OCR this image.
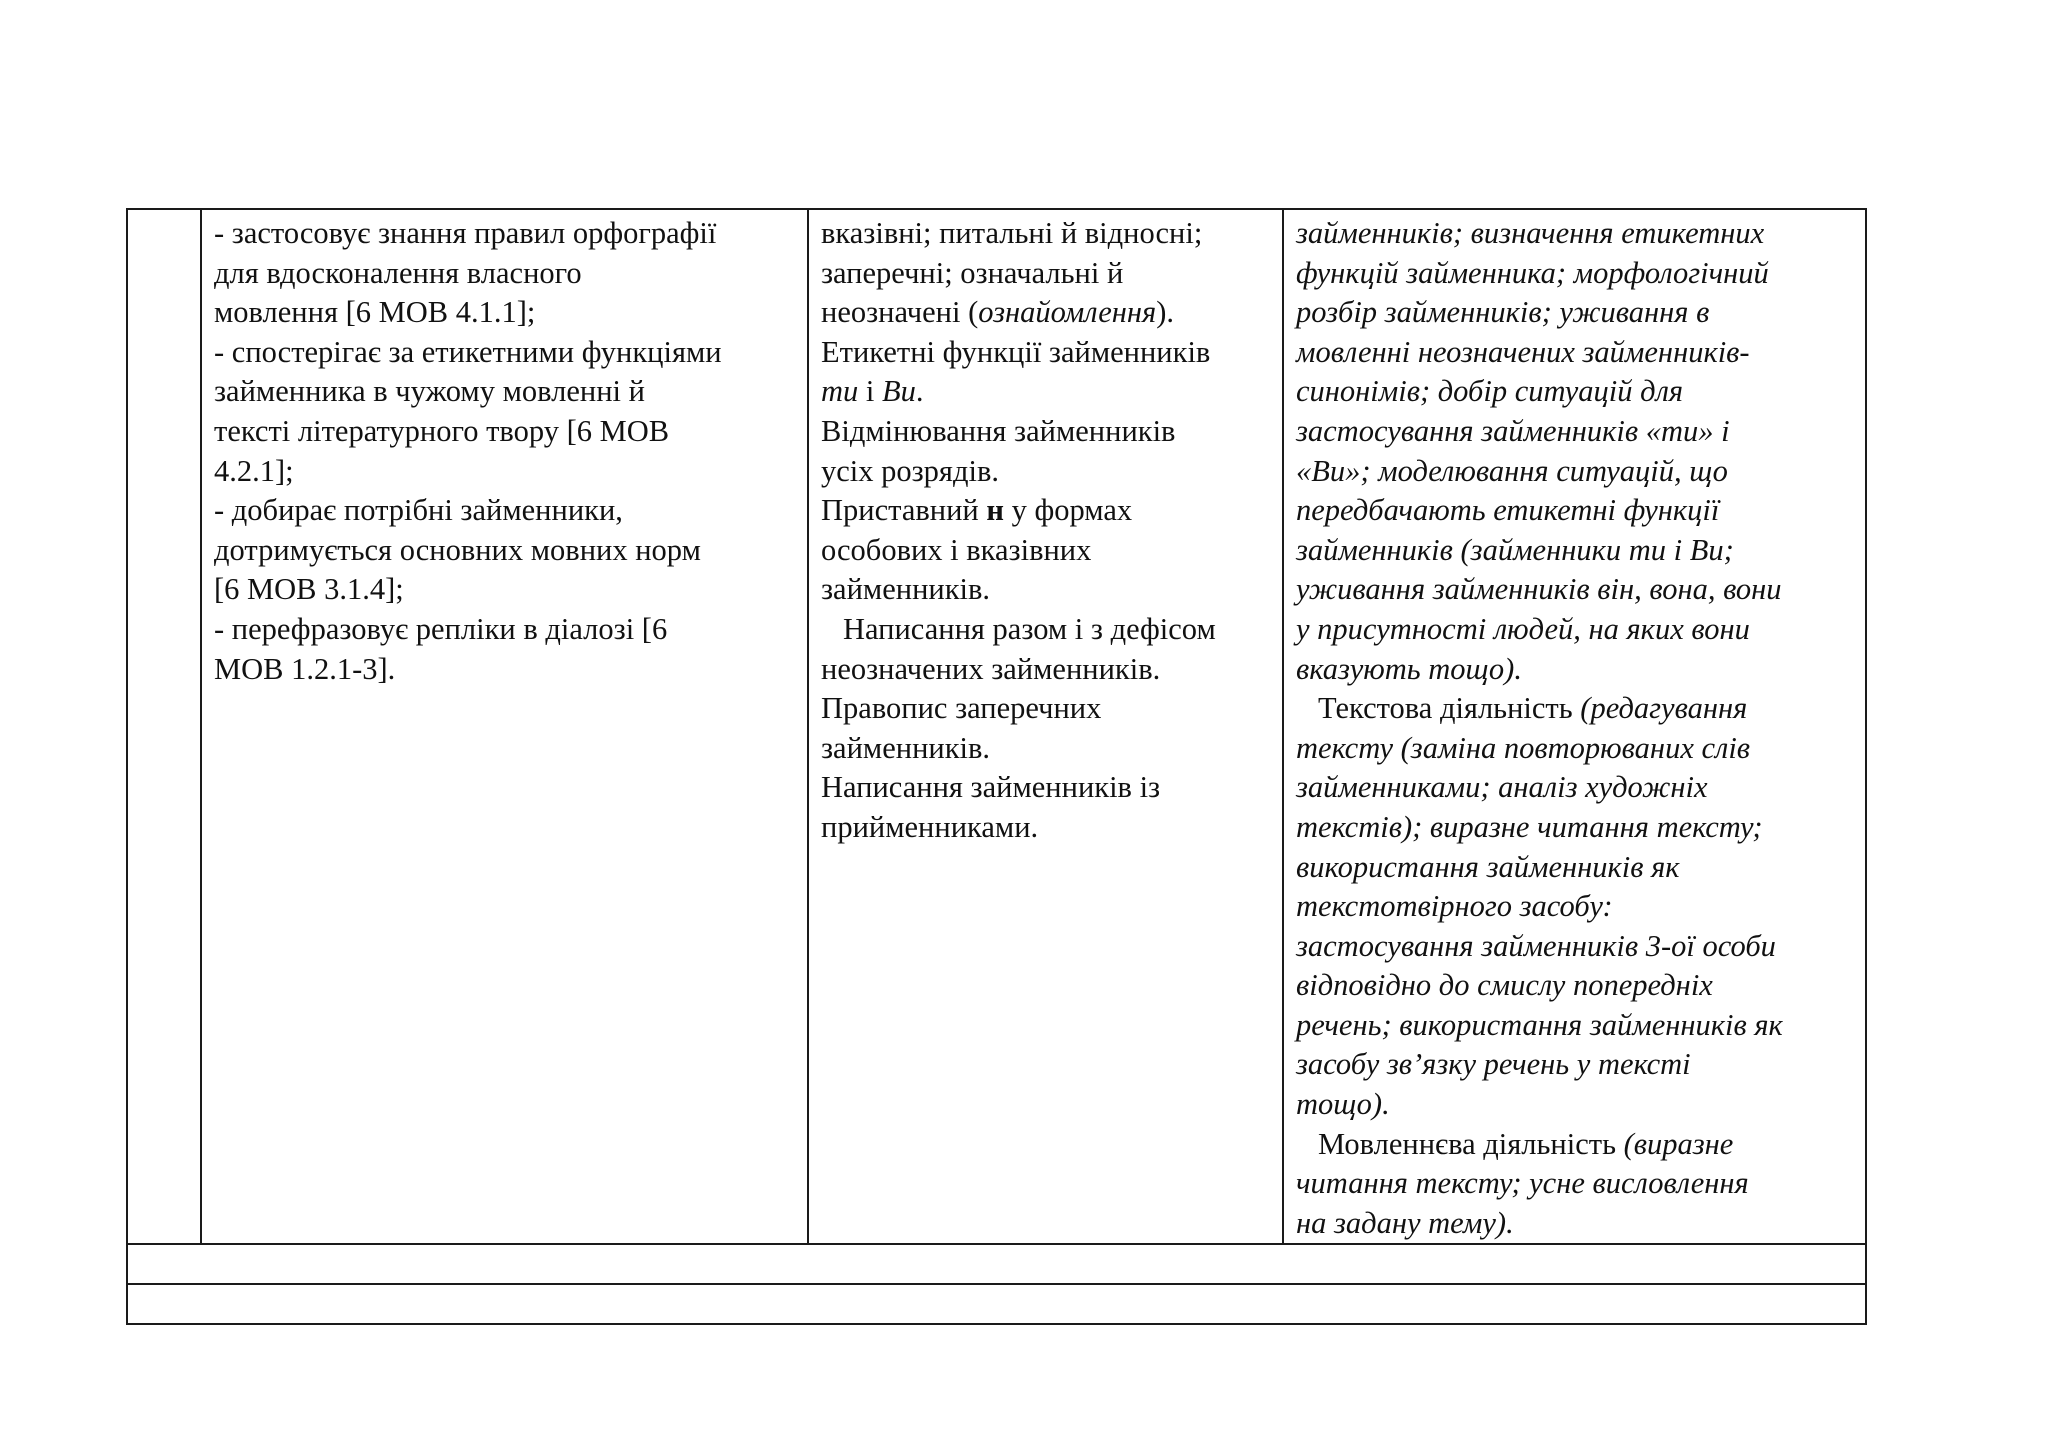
- застосовує знання правил орфографії
для вдосконалення власного
мовлення [6 МОВ 4.1.1];
- спостерігає за етикетними функціями
займенника в чужому мовленні й
тексті літературного твору [6 МОВ
4.2.1];
- добирає потрібні займенники,
дотримується основних мовних норм
[6 МОВ 3.1.4];
- перефразовує репліки в діалозі [6
МОВ 1.2.1-3].

вказівні; питальні й відносні;
заперечні; означальні й
неозначені (ознайомлення).
Етикетні функції займенників
ти і Ви.
Відмінювання займенників
усіх розрядів.
Приставний н у формах
особових і вказівних
займенників.
Написання разом і з дефісом
неозначених займенників.
Правопис заперечних
займенників.
Написання займенників із
прийменниками.

займенників; визначення етикетних
функцій займенника; морфологічний
розбір займенників; уживання в
мовленні неозначених займенників-
синонімів; добір ситуацій для
застосування займенників «ти» і
«Ви»; моделювання ситуацій, що
передбачають етикетні функції
займенників (займенники ти і Ви;
уживання займенників він, вона, вони
у присутності людей, на яких вони
вказують тощо).
Текстова діяльність (редагування
тексту (заміна повторюваних слів
займенниками; аналіз художніх
текстів); виразне читання тексту;
використання займенників як
текстотвірного засобу:
застосування займенників 3-ої особи
відповідно до смислу попередніх
речень; використання займенників як
засобу зв’язку речень у тексті
тощо).
Мовленнєва діяльність (виразне
читання тексту; усне висловлення
на задану тему).
